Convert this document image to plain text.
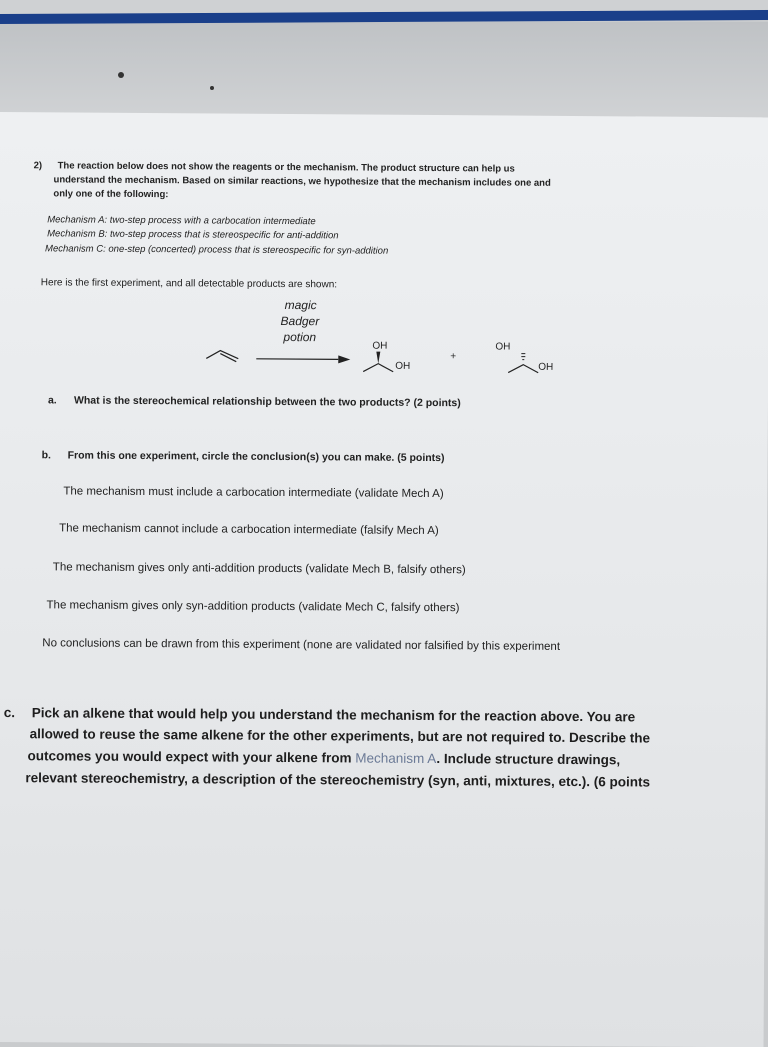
2) The reaction below does not show the reagents or the mechanism. The product structure can help us
understand the mechanism. Based on similar reactions, we hypothesize that the mechanism includes one and
only one of the following:
Mechanism A: two-step process with a carbocation intermediate
Mechanism B: two-step process that is stereospecific for anti-addition
Mechanism C: one-step (concerted) process that is stereospecific for syn-addition
Here is the first experiment, and all detectable products are shown:
magic
Badger
potion
OH
OH
+
OH
OH
a. What is the stereochemical relationship between the two products? (2 points)
b. From this one experiment, circle the conclusion(s) you can make. (5 points)
The mechanism must include a carbocation intermediate (validate Mech A)
The mechanism cannot include a carbocation intermediate (falsify Mech A)
The mechanism gives only anti-addition products (validate Mech B, falsify others)
The mechanism gives only syn-addition products (validate Mech C, falsify others)
No conclusions can be drawn from this experiment (none are validated nor falsified by this experiment
c. Pick an alkene that would help you understand the mechanism for the reaction above. You are
allowed to reuse the same alkene for the other experiments, but are not required to. Describe the
outcomes you would expect with your alkene from Mechanism A. Include structure drawings,
relevant stereochemistry, a description of the stereochemistry (syn, anti, mixtures, etc.). (6 points
